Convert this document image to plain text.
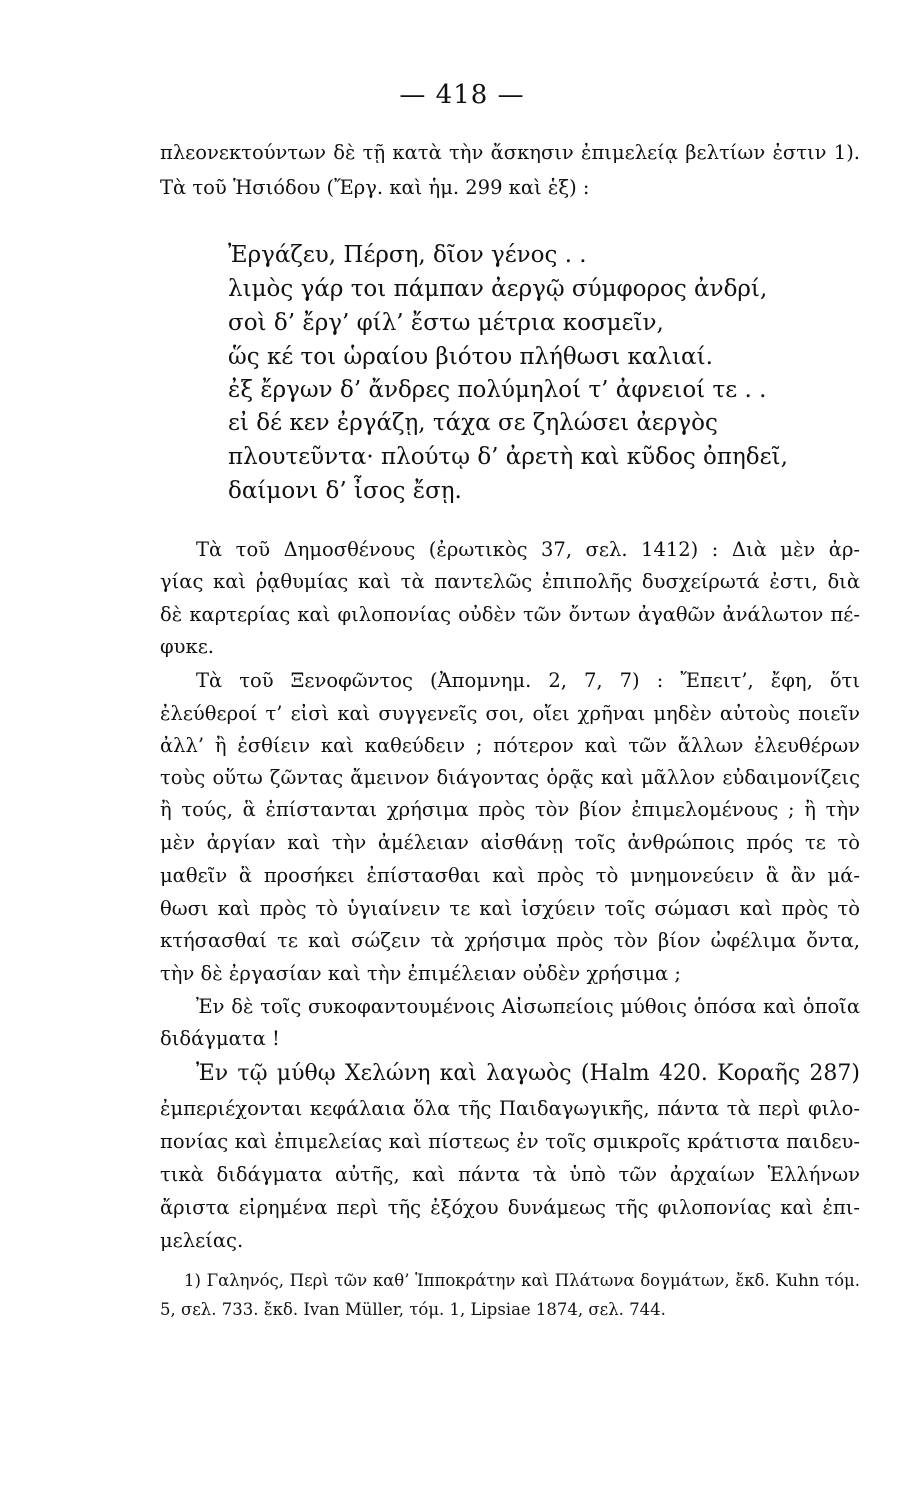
— 418 —
πλεονεκτούντων δὲ τῇ κατὰ τὴν ἄσκησιν ἐπιμελείᾳ βελτίων ἐστιν 1).
Τὰ τοῦ Ἡσιόδου (Ἔργ. καὶ ἡμ. 299 καὶ ἑξ) :
Ἐργάζευ, Πέρση, δῖον γένος . .
λιμὸς γάρ τοι πάμπαν ἀεργῷ σύμφορος ἀνδρί,
σοὶ δ’ ἔργ’ φίλ’ ἔστω μέτρια κοσμεῖν,
ὥς κέ τοι ὡραίου βιότου πλήθωσι καλιαί.
ἐξ ἔργων δ’ ἄνδρες πολύμηλοί τ’ ἀφνειοί τε . .
εἰ δέ κεν ἐργάζῃ, τάχα σε ζηλώσει ἀεργὸς
πλουτεῦντα· πλούτῳ δ’ ἀρετὴ καὶ κῦδος ὀπηδεῖ,
δαίμονι δ’ ἶσος ἔσῃ.
Τὰ τοῦ Δημοσθένους (ἐρωτικὸς 37, σελ. 1412) : Διὰ μὲν ἀρ-
γίας καὶ ῥᾳθυμίας καὶ τὰ παντελῶς ἐπιπολῆς δυσχείρωτά ἐστι, διὰ
δὲ καρτερίας καὶ φιλοπονίας οὐδὲν τῶν ὄντων ἀγαθῶν ἀνάλωτον πέ-
φυκε.
Τὰ τοῦ Ξενοφῶντος (Ἀπομνημ. 2, 7, 7) : Ἔπειτ’, ἔφη, ὅτι
ἐλεύθεροί τ’ εἰσὶ καὶ συγγενεῖς σοι, οἴει χρῆναι μηδὲν αὐτοὺς ποιεῖν
ἀλλ’ ἢ ἐσθίειν καὶ καθεύδειν ; πότερον καὶ τῶν ἄλλων ἐλευθέρων
τοὺς οὕτω ζῶντας ἄμεινον διάγοντας ὁρᾷς καὶ μᾶλλον εὐδαιμονίζεις
ἢ τούς, ἃ ἐπίστανται χρήσιμα πρὸς τὸν βίον ἐπιμελομένους ; ἢ τὴν
μὲν ἀργίαν καὶ τὴν ἀμέλειαν αἰσθάνῃ τοῖς ἀνθρώποις πρός τε τὸ
μαθεῖν ἃ προσήκει ἐπίστασθαι καὶ πρὸς τὸ μνημονεύειν ἃ ἂν μά-
θωσι καὶ πρὸς τὸ ὑγιαίνειν τε καὶ ἰσχύειν τοῖς σώμασι καὶ πρὸς τὸ
κτήσασθαί τε καὶ σώζειν τὰ χρήσιμα πρὸς τὸν βίον ὠφέλιμα ὄντα,
τὴν δὲ ἐργασίαν καὶ τὴν ἐπιμέλειαν οὐδὲν χρήσιμα ;
Ἐν δὲ τοῖς συκοφαντουμένοις Αἰσωπείοις μύθοις ὁπόσα καὶ ὁποῖα
διδάγματα !
Ἐν τῷ μύθῳ Χελώνη καὶ λαγωὸς (Halm 420. Κοραῆς 287)
ἐμπεριέχονται κεφάλαια ὅλα τῆς Παιδαγωγικῆς, πάντα τὰ περὶ φιλο-
πονίας καὶ ἐπιμελείας καὶ πίστεως ἐν τοῖς σμικροῖς κράτιστα παιδευ-
τικὰ διδάγματα αὐτῆς, καὶ πάντα τὰ ὑπὸ τῶν ἀρχαίων Ἑλλήνων
ἄριστα εἰρημένα περὶ τῆς ἐξόχου δυνάμεως τῆς φιλοπονίας καὶ ἐπι-
μελείας.
1) Γαληνός, Περὶ τῶν καθ’ Ἱπποκράτην καὶ Πλάτωνα δογμάτων, ἔκδ. Kuhn τόμ.
5, σελ. 733. ἔκδ. Ivan Müller, τόμ. 1, Lipsiae 1874, σελ. 744.
